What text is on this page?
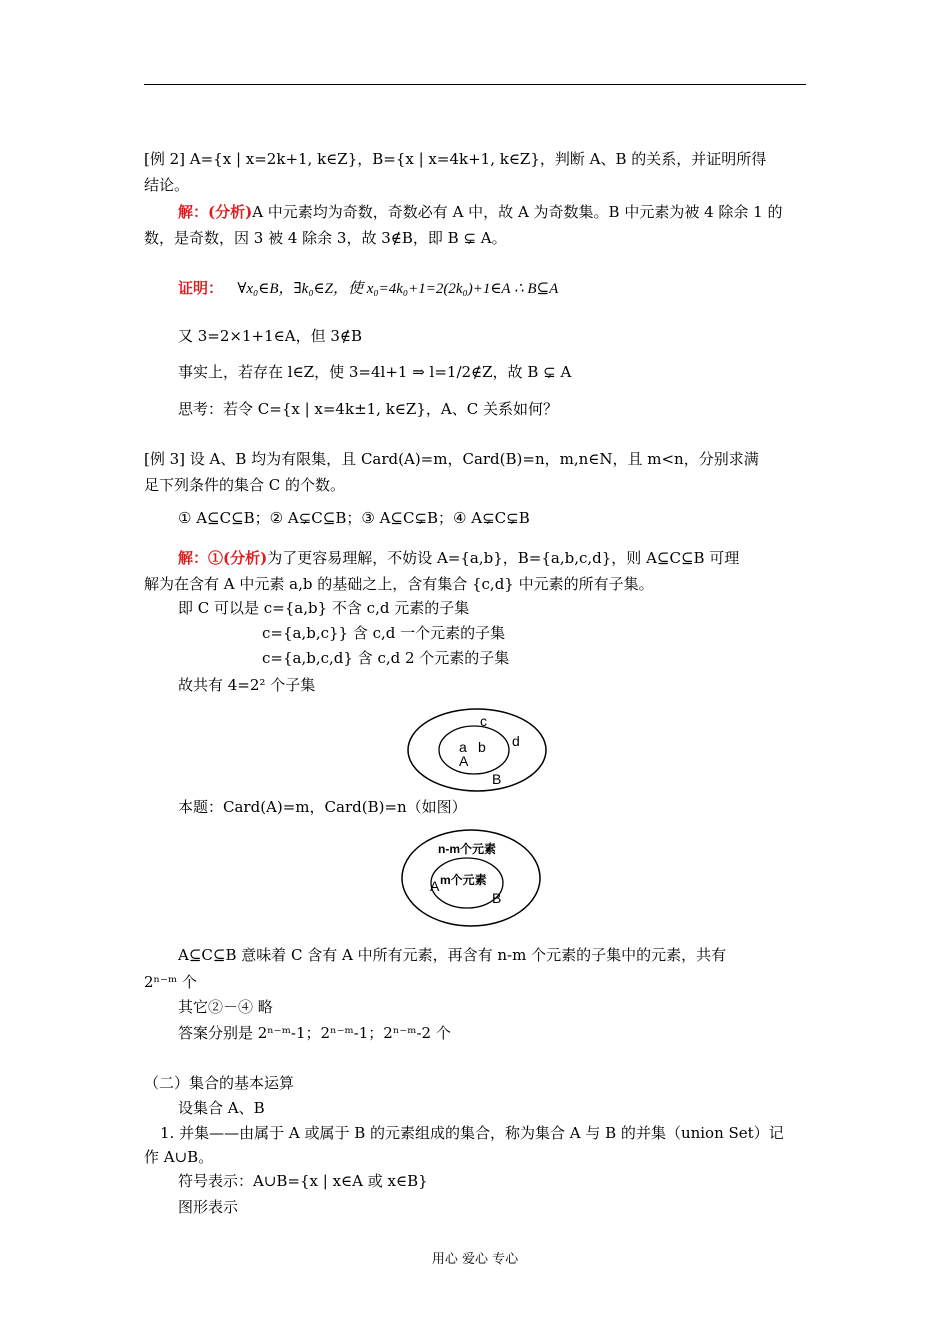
[例 2] A={x | x=2k+1, k∈Z}，B={x | x=4k+1, k∈Z}，判断 A、B 的关系，并证明所得
结论。
解：(分析)A 中元素均为奇数，奇数必有 A 中，故 A 为奇数集。B 中元素为被 4 除余 1 的
数，是奇数，因 3 被 4 除余 3，故 3∉B，即 B ⊊ A。
证明： ∀x₀∈B，∃k₀∈Z，使 x₀=4k₀+1=2(2k₀)+1∈A ∴ B⊆A
又 3=2×1+1∈A，但 3∉B
事实上，若存在 l∈Z，使 3=4l+1 ⇒ l=1/2∉Z，故 B ⊊ A
思考：若令 C={x | x=4k±1, k∈Z}，A、C 关系如何？
[例 3] 设 A、B 均为有限集，且 Card(A)=m，Card(B)=n，m,n∈N，且 m<n，分别求满
足下列条件的集合 C 的个数。
① A⊆C⊆B；② A⊊C⊆B；③ A⊆C⊊B；④ A⊊C⊊B
解：①(分析)为了更容易理解，不妨设 A={a,b}，B={a,b,c,d}，则 A⊆C⊆B 可理
解为在含有 A 中元素 a,b 的基础之上，含有集合 {c,d} 中元素的所有子集。
即 C 可以是 c={a,b} 不含 c,d 元素的子集
c={a,b,c}} 含 c,d 一个元素的子集
c={a,b,c,d} 含 c,d 2 个元素的子集
故共有 4=2² 个子集
c
d
a b
A
B
本题：Card(A)=m，Card(B)=n（如图）
n-m个元素
m个元素
A
B
A⊆C⊆B 意味着 C 含有 A 中所有元素，再含有 n-m 个元素的子集中的元素，共有
2ⁿ⁻ᵐ 个
其它②－④ 略
答案分别是 2ⁿ⁻ᵐ-1；2ⁿ⁻ᵐ-1；2ⁿ⁻ᵐ-2 个
（二）集合的基本运算
设集合 A、B
1. 并集——由属于 A 或属于 B 的元素组成的集合，称为集合 A 与 B 的并集（union Set）记
作 A∪B。
符号表示：A∪B={x | x∈A 或 x∈B}
图形表示
用心 爱心 专心
